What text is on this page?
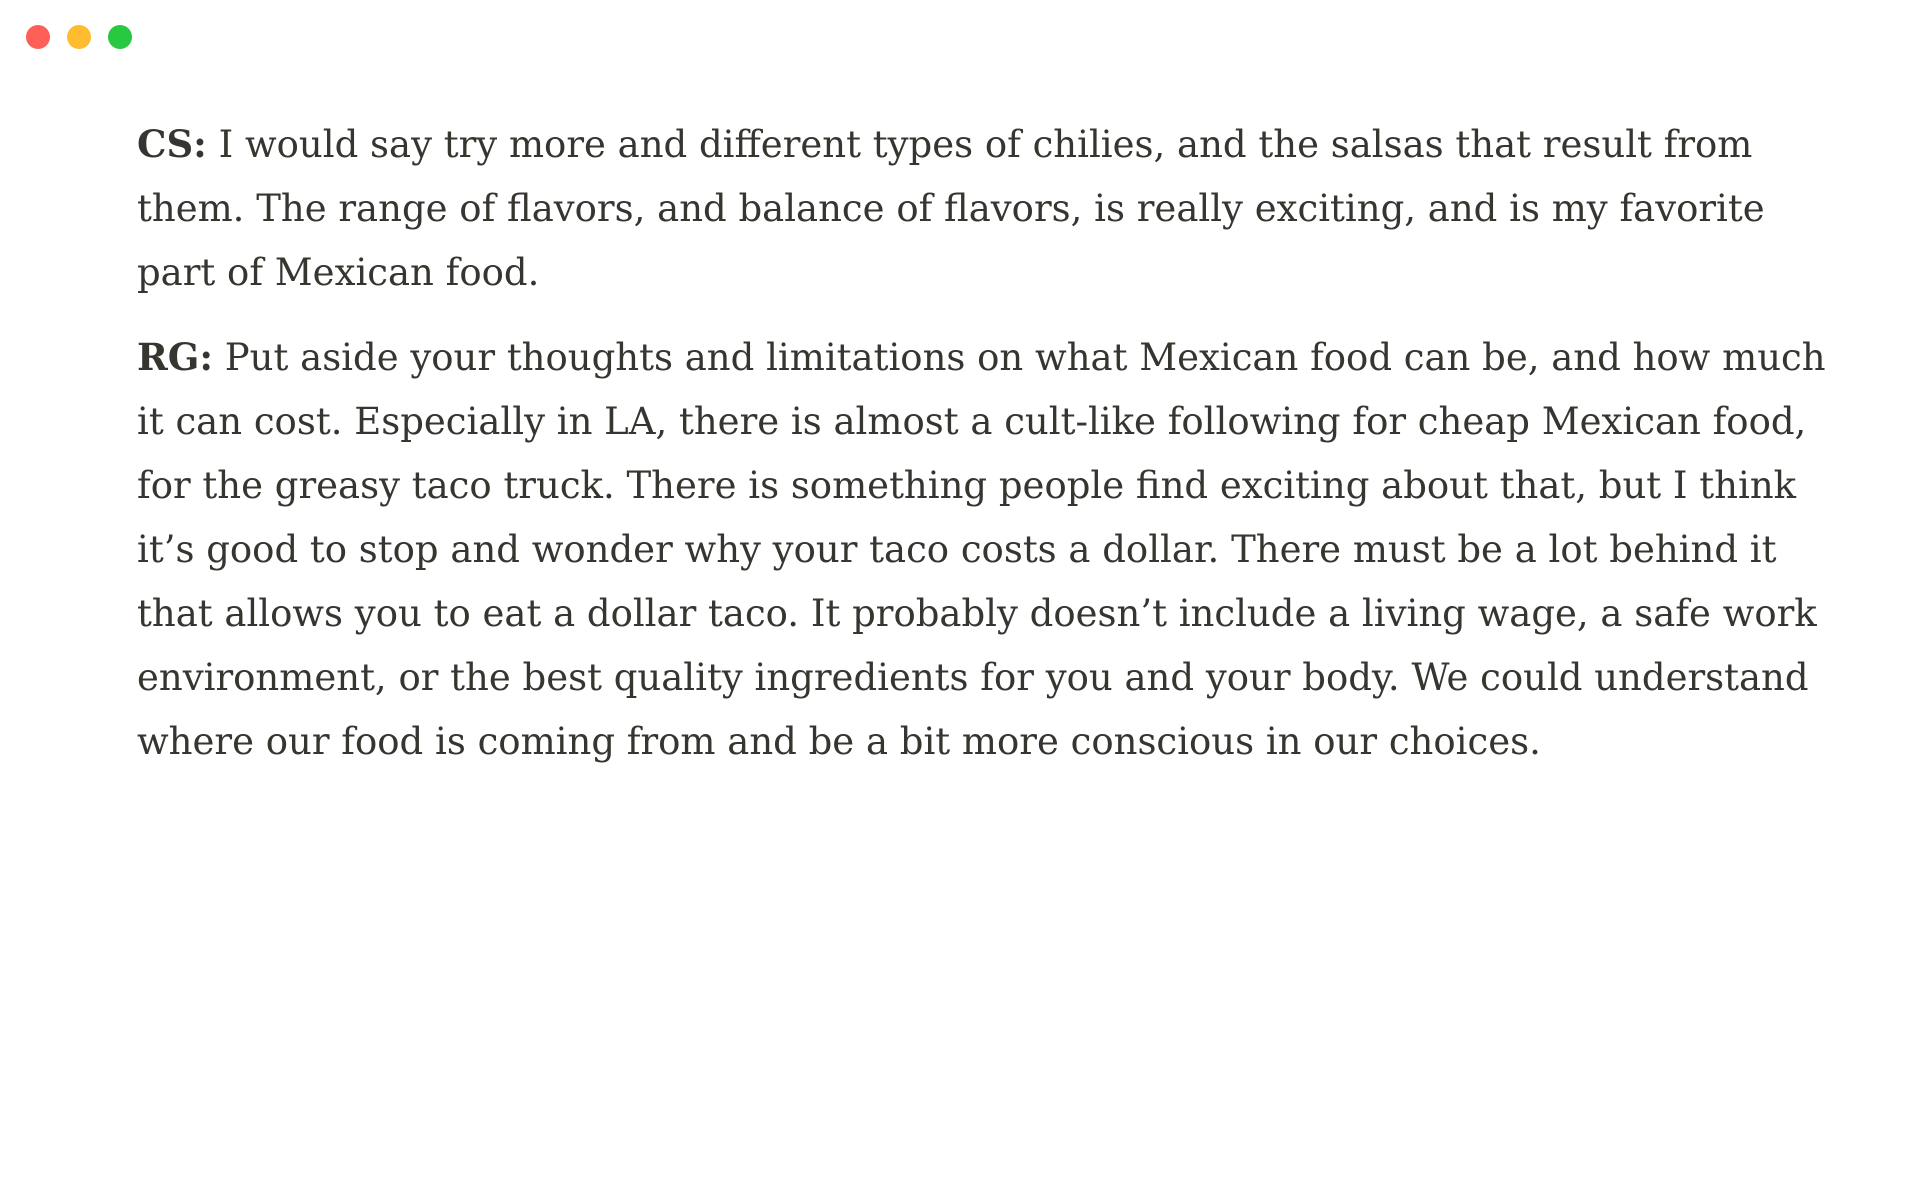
CS: I would say try more and different types of chilies, and the salsas that result from them. The range of flavors, and balance of flavors, is really exciting, and is my favorite part of Mexican food.

RG: Put aside your thoughts and limitations on what Mexican food can be, and how much it can cost. Especially in LA, there is almost a cult-like following for cheap Mexican food, for the greasy taco truck. There is something people find exciting about that, but I think it’s good to stop and wonder why your taco costs a dollar. There must be a lot behind it that allows you to eat a dollar taco. It probably doesn’t include a living wage, a safe work environment, or the best quality ingredients for you and your body. We could understand where our food is coming from and be a bit more conscious in our choices.
